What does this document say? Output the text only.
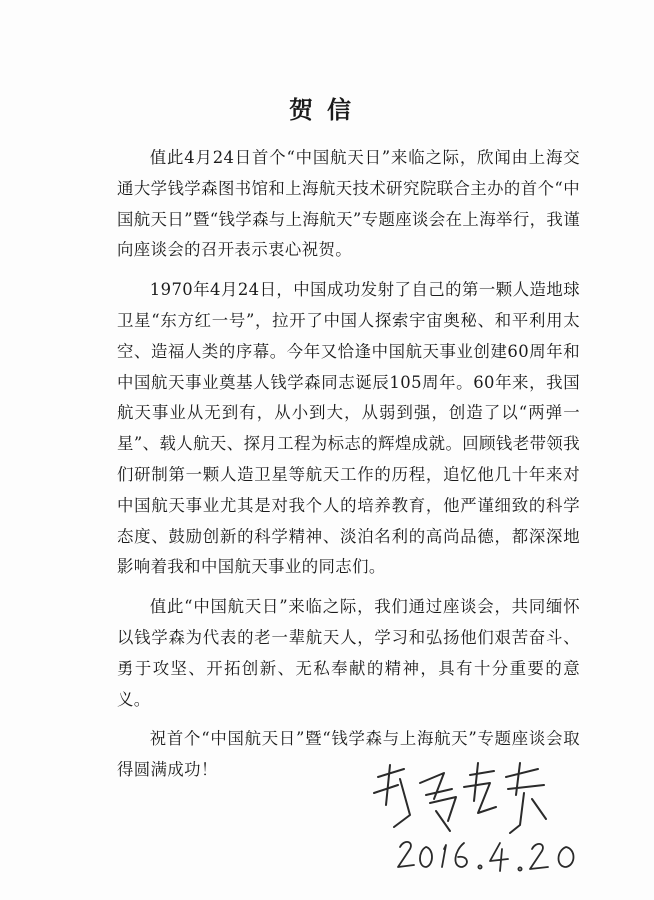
贺信

值此4月24日首个“中国航天日”来临之际，欣闻由上海交通大学钱学森图书馆和上海航天技术研究院联合主办的首个“中国航天日”暨“钱学森与上海航天”专题座谈会在上海举行，我谨向座谈会的召开表示衷心祝贺。

1970年4月24日，中国成功发射了自己的第一颗人造地球卫星“东方红一号”，拉开了中国人探索宇宙奥秘、和平利用太空、造福人类的序幕。今年又恰逢中国航天事业创建60周年和中国航天事业奠基人钱学森同志诞辰105周年。60年来，我国航天事业从无到有，从小到大，从弱到强，创造了以“两弹一星”、载人航天、探月工程为标志的辉煌成就。回顾钱老带领我们研制第一颗人造卫星等航天工作的历程，追忆他几十年来对中国航天事业尤其是对我个人的培养教育，他严谨细致的科学态度、鼓励创新的科学精神、淡泊名利的高尚品德，都深深地影响着我和中国航天事业的同志们。

值此“中国航天日”来临之际，我们通过座谈会，共同缅怀以钱学森为代表的老一辈航天人，学习和弘扬他们艰苦奋斗、勇于攻坚、开拓创新、无私奉献的精神，具有十分重要的意义。

祝首个“中国航天日”暨“钱学森与上海航天”专题座谈会取得圆满成功！
